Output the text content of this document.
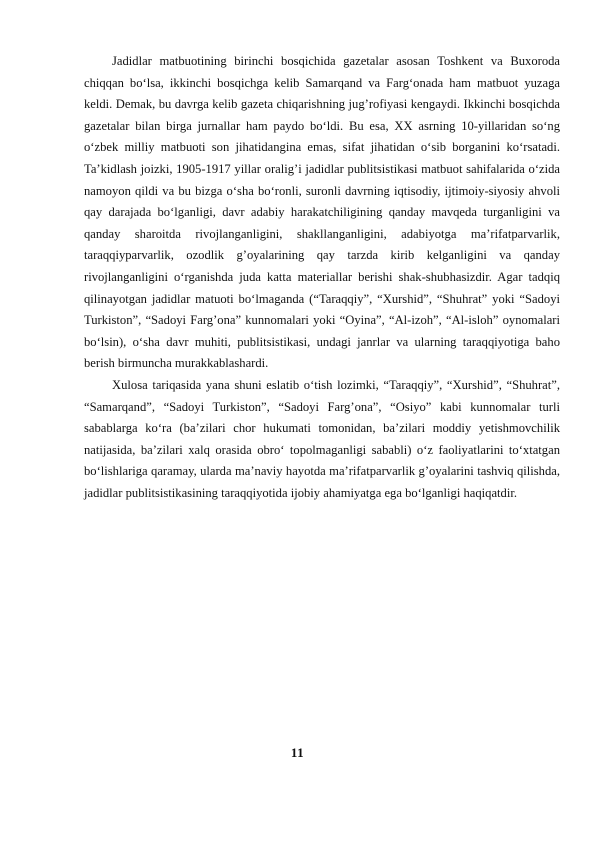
Jadidlar matbuotining birinchi bosqichida gazetalar asosan Toshkent va Buxoroda chiqqan bo‘lsa, ikkinchi bosqichga kelib Samarqand va Farg‘onada ham matbuot yuzaga keldi. Demak, bu davrga kelib gazeta chiqarishning jug’rofiyasi kengaydi. Ikkinchi bosqichda gazetalar bilan birga jurnallar ham paydo bo‘ldi. Bu esa, XX asrning 10-yillaridan so‘ng o‘zbek milliy matbuoti son jihatidangina emas, sifat jihatidan o‘sib borganini ko‘rsatadi. Ta’kidlash joizki, 1905-1917 yillar oralig’i jadidlar publitsistikasi matbuot sahifalarida o‘zida namoyon qildi va bu bizga o‘sha bo‘ronli, suronli davrning iqtisodiy, ijtimoiy-siyosiy ahvoli qay darajada bo‘lganligi, davr adabiy harakatchiligining qanday mavqeda turganligini va qanday sharoitda rivojlanganligini, shakllanganligini, adabiyotga ma’rifatparvarlik, taraqqiyparvarlik, ozodlik g’oyalarining qay tarzda kirib kelganligini va qanday rivojlanganligini o‘rganishda juda katta materiallar berishi shak-shubhasizdir. Agar tadqiq qilinayotgan jadidlar matuoti bo‘lmaganda (“Taraqqiy”, “Xurshid”, “Shuhrat” yoki “Sadoyi Turkiston”, “Sadoyi Farg’ona” kunnomalari yoki “Oyina”, “Al-izoh”, “Al-isloh” oynomalari bo‘lsin), o‘sha davr muhiti, publitsistikasi, undagi janrlar va ularning taraqqiyotiga baho berish birmuncha murakkablashardi.

Xulosa tariqasida yana shuni eslatib o‘tish lozimki, “Taraqqiy”, “Xurshid”, “Shuhrat”, “Samarqand”, “Sadoyi Turkiston”, “Sadoyi Farg’ona”, “Osiyo” kabi kunnomalar turli sabablarga ko‘ra (ba’zilari chor hukumati tomonidan, ba’zilari moddiy yetishmovchilik natijasida, ba’zilari xalq orasida obro‘ topolmaganligi sababli) o‘z faoliyatlarini to‘xtatgan bo‘lishlariga qaramay, ularda ma’naviy hayotda ma’rifatparvarlik g’oyalarini tashviq qilishda, jadidlar publitsistikasining taraqqiyotida ijobiy ahamiyatga ega bo‘lganligi haqiqatdir.

11
